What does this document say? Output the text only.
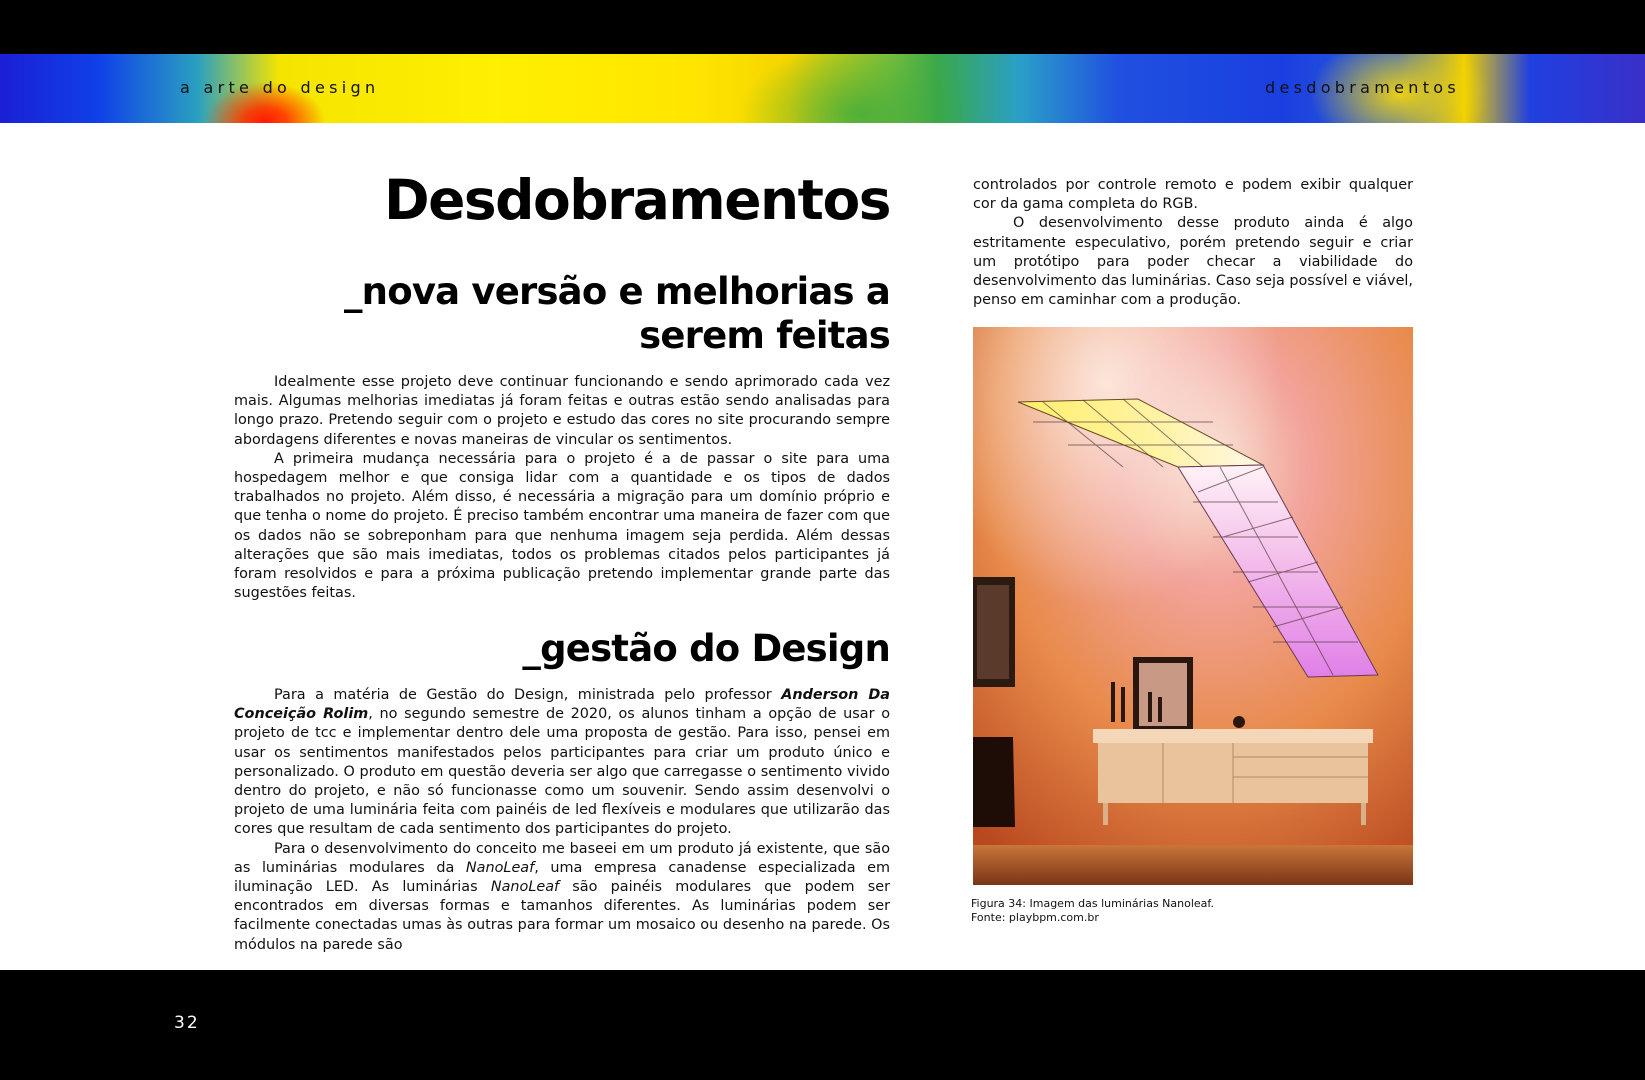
a arte do design	desdobramentos
Desdobramentos
_nova versão e melhorias a
serem feitas

Idealmente esse projeto deve continuar funcionando e sendo aprimorado cada vez mais. Algumas melhorias imediatas já foram feitas e outras estão sendo analisadas para longo prazo. Pretendo seguir com o projeto e estudo das cores no site procurando sempre abordagens diferentes e novas maneiras de vincular os sentimentos.

A primeira mudança necessária para o projeto é a de passar o site para uma hospedagem melhor e que consiga lidar com a quantidade e os tipos de dados trabalhados no projeto. Além disso, é necessária a migração para um domínio próprio e que tenha o nome do projeto. É preciso também encontrar uma maneira de fazer com que os dados não se sobreponham para que nenhuma imagem seja perdida. Além dessas alterações que são mais imediatas, todos os problemas citados pelos participantes já foram resolvidos e para a próxima publicação pretendo implementar grande parte das sugestões feitas.

_gestão do Design

Para a matéria de Gestão do Design, ministrada pelo professor Anderson Da Conceição Rolim, no segundo semestre de 2020, os alunos tinham a opção de usar o projeto de tcc e implementar dentro dele uma proposta de gestão. Para isso, pensei em usar os sentimentos manifestados pelos participantes para criar um produto único e personalizado. O produto em questão deveria ser algo que carregasse o sentimento vivido dentro do projeto, e não só funcionasse como um souvenir. Sendo assim desenvolvi o projeto de uma luminária feita com painéis de led flexíveis e modulares que utilizarão das cores que resultam de cada sentimento dos participantes do projeto.

Para o desenvolvimento do conceito me baseei em um produto já existente, que são as luminárias modulares da NanoLeaf, uma empresa canadense especializada em iluminação LED. As luminárias NanoLeaf são painéis modulares que podem ser encontrados em diversas formas e tamanhos diferentes. As luminárias podem ser facilmente conectadas umas às outras para formar um mosaico ou desenho na parede. Os módulos na parede são

controlados por controle remoto e podem exibir qualquer cor da gama completa do RGB.

O desenvolvimento desse produto ainda é algo estritamente especulativo, porém pretendo seguir e criar um protótipo para poder checar a viabilidade do desenvolvimento das luminárias. Caso seja possível e viável, penso em caminhar com a produção.

Figura 34: Imagem das luminárias Nanoleaf.
Fonte: playbpm.com.br
32
